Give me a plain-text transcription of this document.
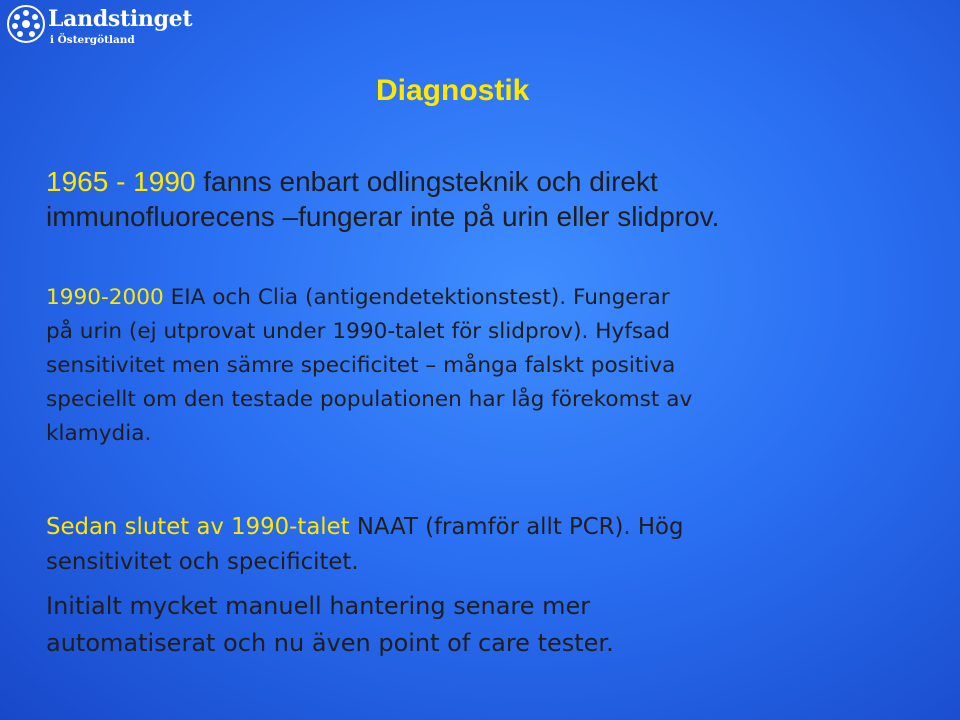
Landstinget
i Östergötland
Diagnostik

1965 - 1990 fanns enbart odlingsteknik och direkt
immunofluorecens –fungerar inte på urin eller slidprov.

1990-2000 EIA och Clia (antigendetektionstest). Fungerar
på urin (ej utprovat under 1990-talet för slidprov). Hyfsad
sensitivitet men sämre specificitet – många falskt positiva
speciellt om den testade populationen har låg förekomst av
klamydia.

Sedan slutet av 1990-talet NAAT (framför allt PCR). Hög
sensitivitet och specificitet.

Initialt mycket manuell hantering senare mer
automatiserat och nu även point of care tester.
